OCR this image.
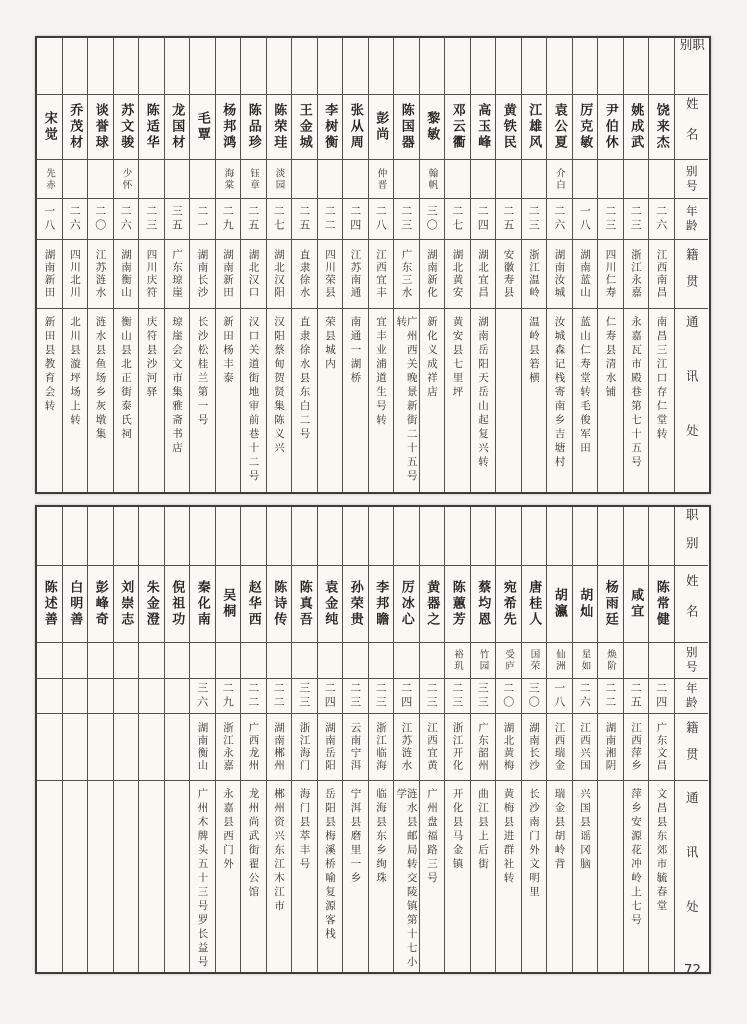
宋觉
先赤
一八
湖南新田
新田县教育会转
乔茂材
二六
四川北川
北川县漩坪场上转
谈誉球
二〇
江苏涟水
涟水县鱼场乡灰墩集
苏文骏
少怀
二六
湖南衡山
衡山县北正街泰氏祠
陈适华
二三
四川庆符
庆符县沙河驿
龙国材
三五
广东琼崖
琼崖会文市集雅斋书店
毛覃
二一
湖南长沙
长沙松桂兰第一号
杨邦鸿
海棠
二九
湖南新田
新田杨丰泰
陈品珍
钰章
二五
湖北汉口
汉口关道街地审前巷十二号
陈荣珪
淡园
二七
湖北汉阳
汉阳蔡甸贺贤集陈义兴
王金城
二五
直隶徐水
直隶徐水县东白二号
李树衡
二二
四川荣县
荣县城内
张从周
二四
江苏南通
南通一湖桥
彭尚
仲晋
二八
江西宜丰
宜丰业浦道生号转
陈国器
二三
广东三水
广州西关晚景新街二十五号转
黎敏
翰帆
三〇
湖南新化
新化义成祥店
邓云衢
二七
湖北黄安
黄安县七里坪
高玉峰
二四
湖北宜昌
湖南岳阳天岳山起复兴转
黄铁民
二五
安徽寿县
江雄风
二三
浙江温岭
温岭县箬横
袁公夏
介白
二六
湖南汝城
汝城森记栈寄南乡吉塘村
厉克敏
一八
湖南蓝山
蓝山仁寿堂转毛俊军田
尹伯休
二三
四川仁寿
仁寿县清水铺
姚成武
二三
浙江永嘉
永嘉瓦市殿巷第七十五号
饶来杰
二六
江西南昌
南昌三江口存仁堂转
职别
姓名
别号
年龄
籍贯
通讯处
陈述善 白明善 彭峰奇 刘崇志 朱金澄 倪祖功 秦化南
三六
湖南衡山
广州木牌头五十三号罗长益号
吴桐
二九
浙江永嘉
永嘉县西门外
赵华西
二二
广西龙州
龙州尚武街翟公馆
陈诗传
二二
湖南郴州
郴州资兴东江木江市
陈真吾
三三
浙江海门
海门县萃丰号
袁金纯
二四
湖南岳阳
岳阳县梅溪桥喻复源客栈
孙荣贵
二三
云南宁洱
宁洱县磨里一乡
李邦瞻
二三
浙江临海
临海县东乡绚珠
厉冰心
二四
江苏涟水
涟水县邮局转交陵镇第十七小学
黄器之
二三
江西宜黄
广州盘福路三号
陈蕙芳
裕玑
二三
浙江开化
开化县马金镇
蔡均恩
竹园
三三
广东韶州
曲江县上后街
宛希先
受庐
二〇
湖北黄梅
黄梅县进群社转
唐桂人
国荣
三〇
湖南长沙
长沙南门外文明里
胡瀛
仙洲
一八
江西瑞金
瑞金县胡岭背
胡灿
星如
二六
江西兴国
兴国县谣冈脑
杨雨廷
焕阶
二二
湖南湘阴
咸宜
二五
江西萍乡
萍乡安源花冲岭上七号
陈常健
二四
广东文昌
文昌县东郊市毓春堂
职别
姓名
别号
年龄
籍贯
通讯处
72
